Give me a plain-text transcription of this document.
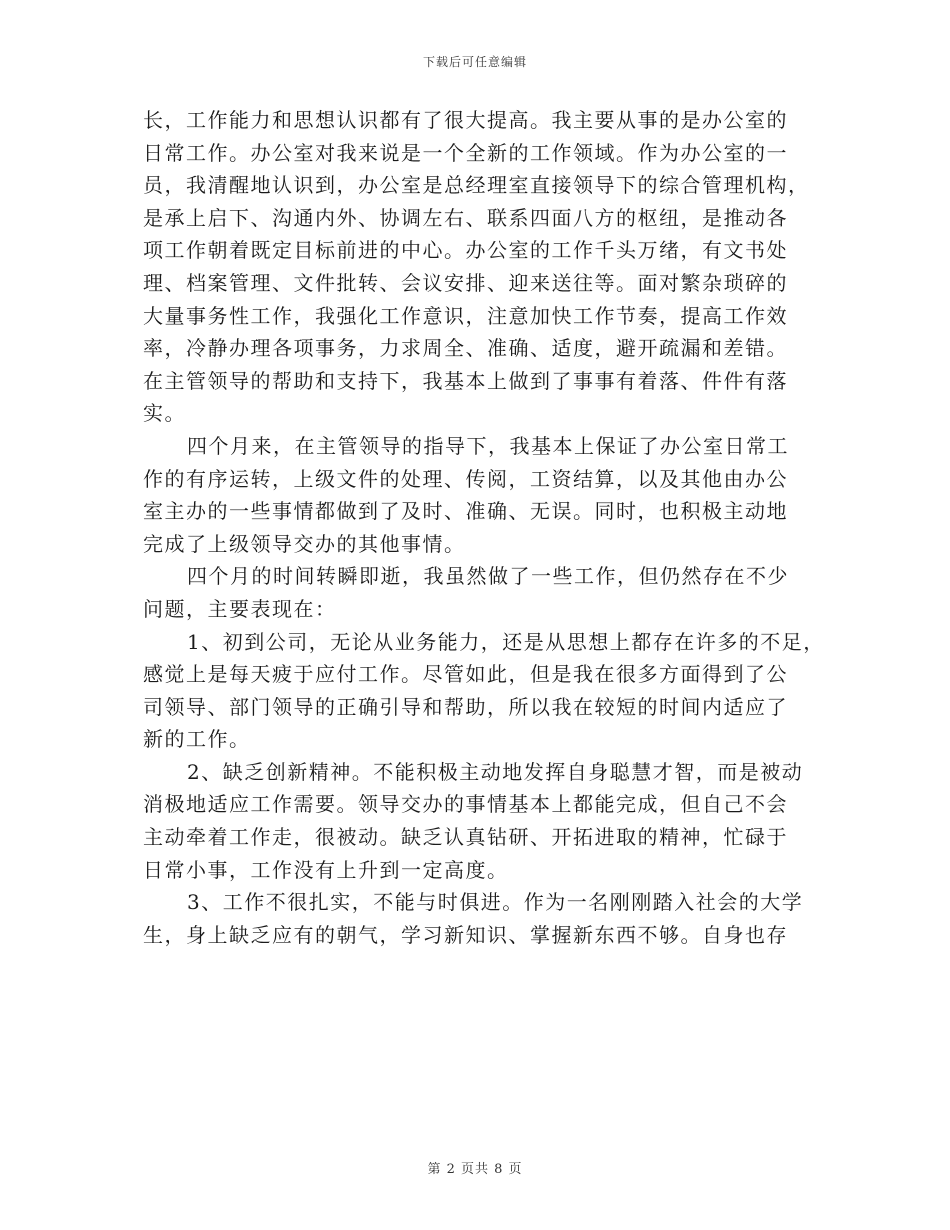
下载后可任意编辑
长，工作能力和思想认识都有了很大提高。我主要从事的是办公室的
日常工作。办公室对我来说是一个全新的工作领域。作为办公室的一
员，我清醒地认识到，办公室是总经理室直接领导下的综合管理机构，
是承上启下、沟通内外、协调左右、联系四面八方的枢纽，是推动各
项工作朝着既定目标前进的中心。办公室的工作千头万绪，有文书处
理、档案管理、文件批转、会议安排、迎来送往等。面对繁杂琐碎的
大量事务性工作，我强化工作意识，注意加快工作节奏，提高工作效
率，冷静办理各项事务，力求周全、准确、适度，避开疏漏和差错。
在主管领导的帮助和支持下，我基本上做到了事事有着落、件件有落
实。
四个月来，在主管领导的指导下，我基本上保证了办公室日常工
作的有序运转，上级文件的处理、传阅，工资结算，以及其他由办公
室主办的一些事情都做到了及时、准确、无误。同时，也积极主动地
完成了上级领导交办的其他事情。
四个月的时间转瞬即逝，我虽然做了一些工作，但仍然存在不少
问题，主要表现在：
1、初到公司，无论从业务能力，还是从思想上都存在许多的不足，
感觉上是每天疲于应付工作。尽管如此，但是我在很多方面得到了公
司领导、部门领导的正确引导和帮助，所以我在较短的时间内适应了
新的工作。
2、缺乏创新精神。不能积极主动地发挥自身聪慧才智，而是被动
消极地适应工作需要。领导交办的事情基本上都能完成，但自己不会
主动牵着工作走，很被动。缺乏认真钻研、开拓进取的精神，忙碌于
日常小事，工作没有上升到一定高度。
3、工作不很扎实，不能与时俱进。作为一名刚刚踏入社会的大学
生，身上缺乏应有的朝气，学习新知识、掌握新东西不够。自身也存
第 2 页共 8 页
